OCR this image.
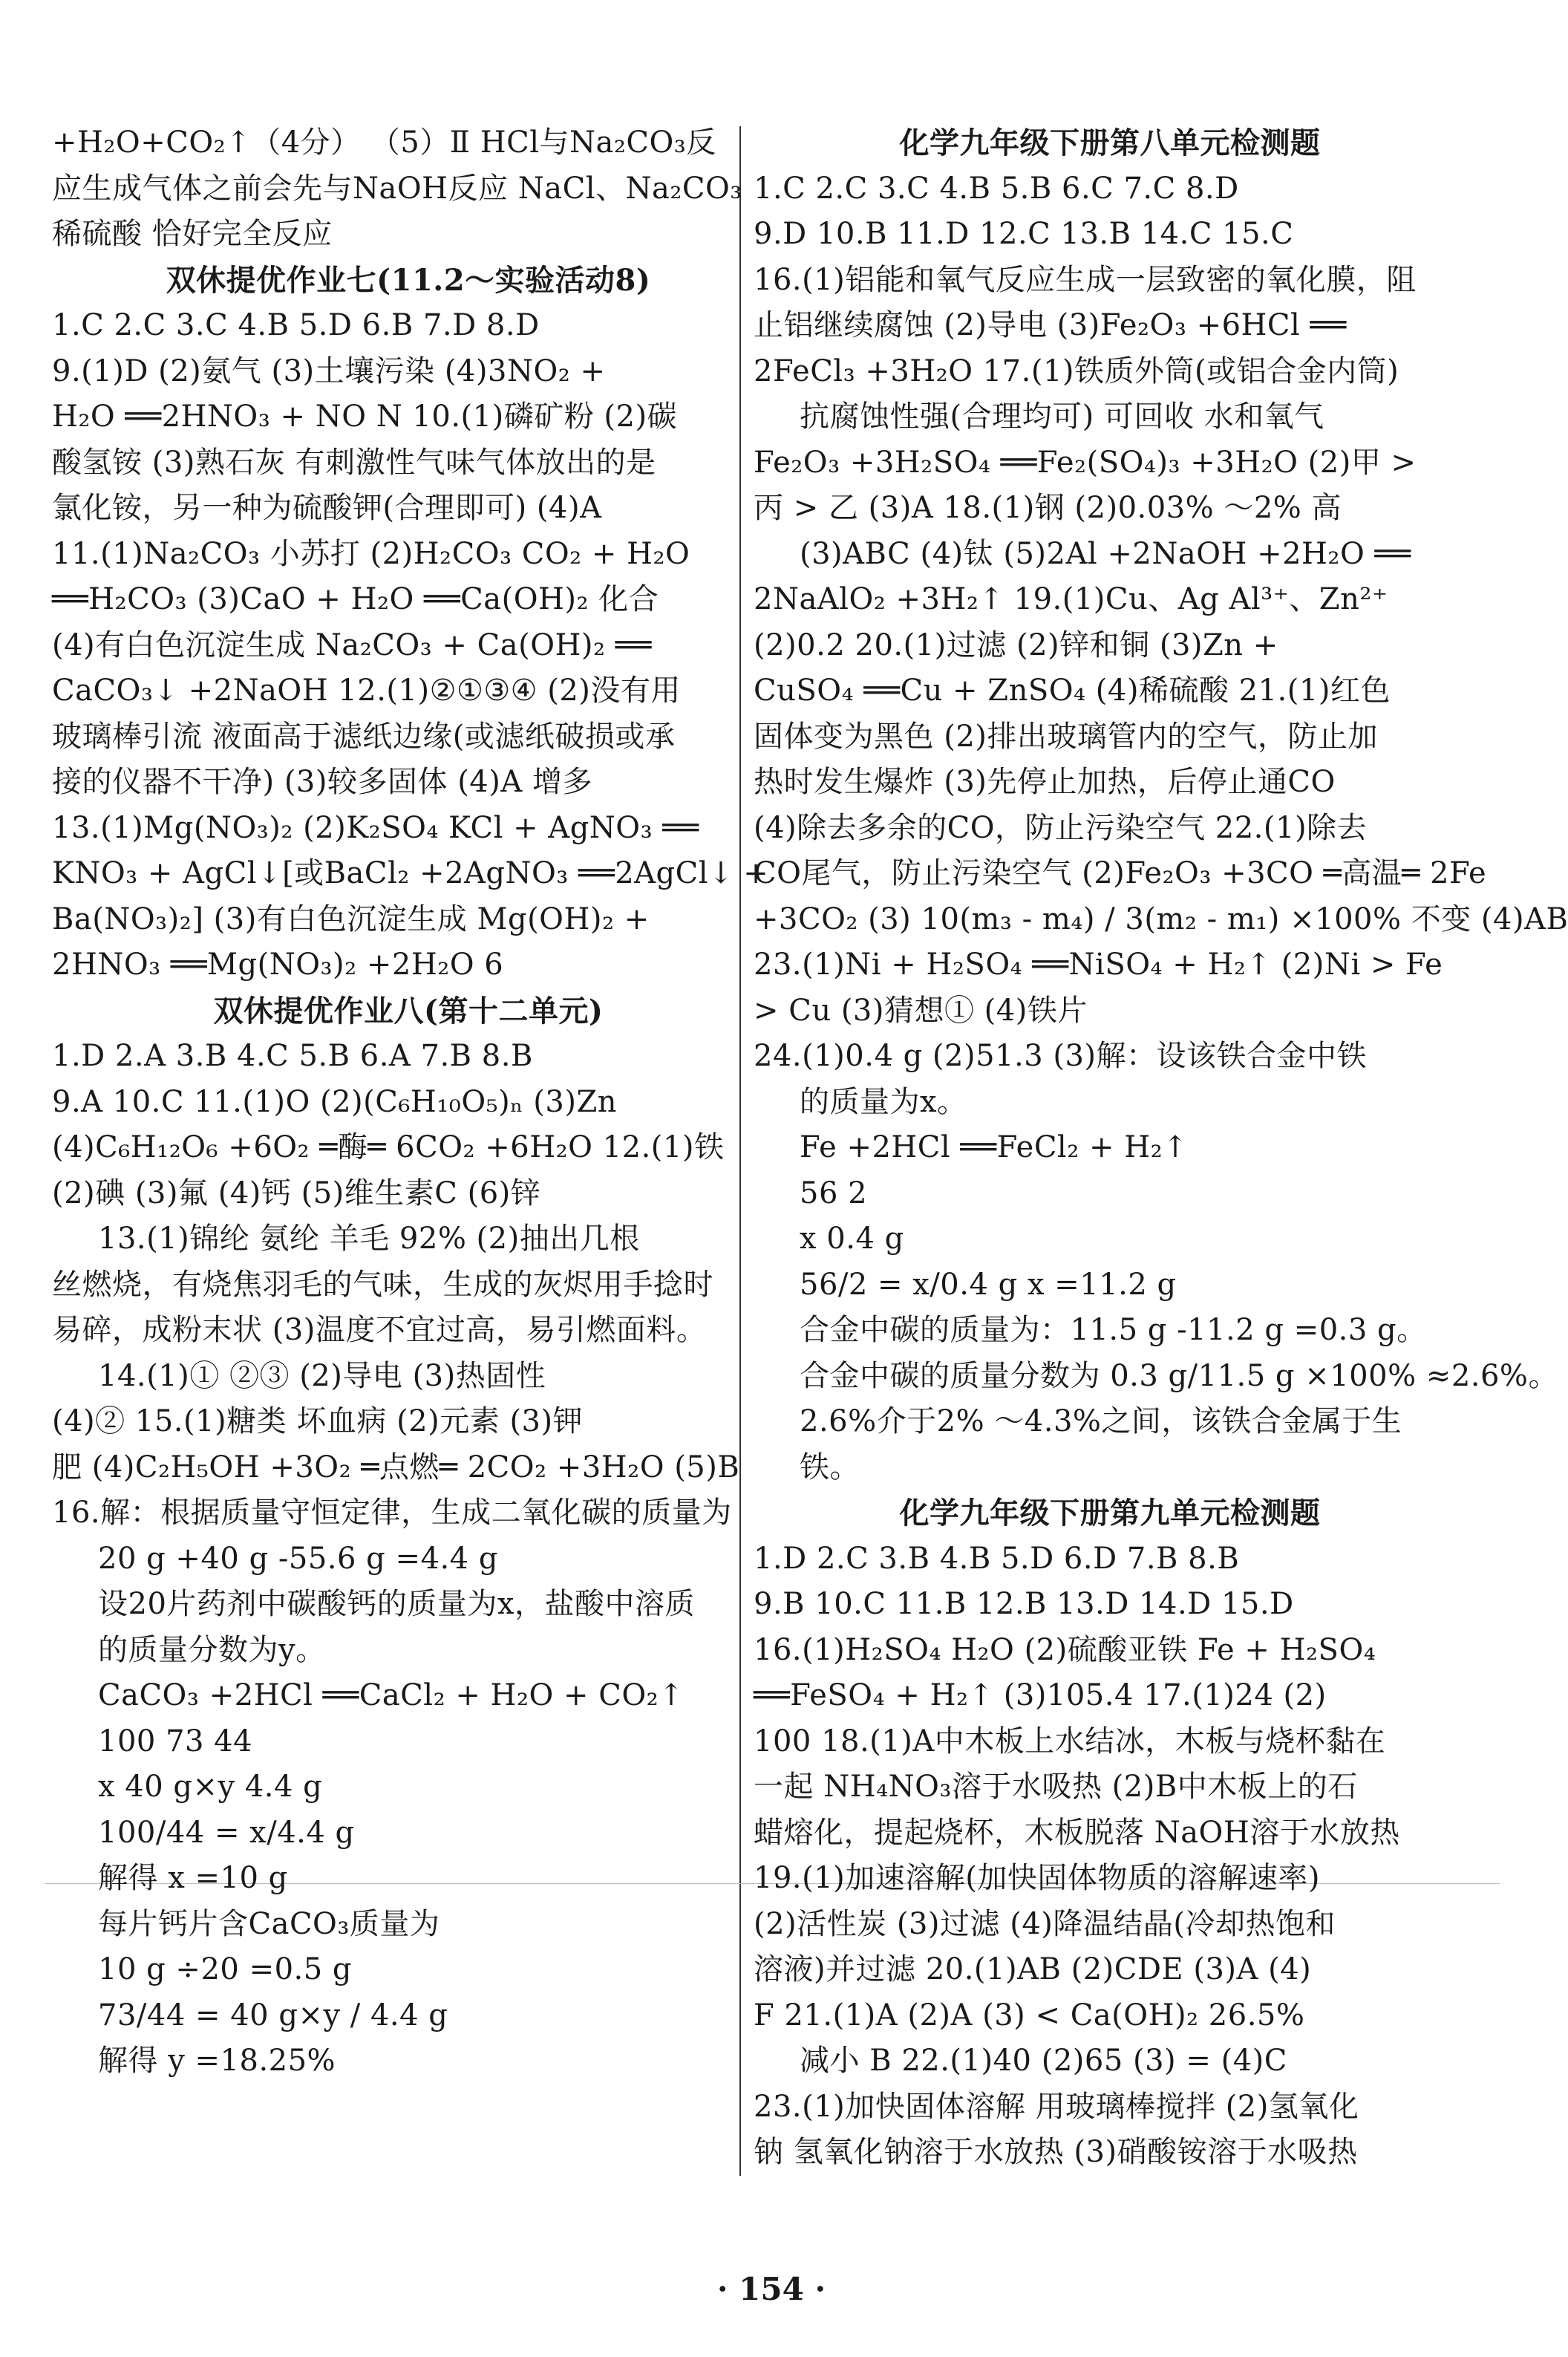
+H₂O+CO₂↑（4分） （5）Ⅱ HCl与Na₂CO₃反
应生成气体之前会先与NaOH反应 NaCl、Na₂CO₃
稀硫酸 恰好完全反应
双休提优作业七(11.2～实验活动8)
1.C 2.C 3.C 4.B 5.D 6.B 7.D 8.D
9.(1)D (2)氨气 (3)土壤污染 (4)3NO₂ +
H₂O ══2HNO₃ + NO N 10.(1)磷矿粉 (2)碳
酸氢铵 (3)熟石灰 有刺激性气味气体放出的是
氯化铵，另一种为硫酸钾(合理即可) (4)A
11.(1)Na₂CO₃ 小苏打 (2)H₂CO₃ CO₂ + H₂O
══H₂CO₃ (3)CaO + H₂O ══Ca(OH)₂ 化合
(4)有白色沉淀生成 Na₂CO₃ + Ca(OH)₂ ══
CaCO₃↓ +2NaOH 12.(1)②①③④ (2)没有用
玻璃棒引流 液面高于滤纸边缘(或滤纸破损或承
接的仪器不干净) (3)较多固体 (4)A 增多
13.(1)Mg(NO₃)₂ (2)K₂SO₄ KCl + AgNO₃ ══
KNO₃ + AgCl↓[或BaCl₂ +2AgNO₃ ══2AgCl↓ +
Ba(NO₃)₂] (3)有白色沉淀生成 Mg(OH)₂ +
2HNO₃ ══Mg(NO₃)₂ +2H₂O 6
双休提优作业八(第十二单元)
1.D 2.A 3.B 4.C 5.B 6.A 7.B 8.B
9.A 10.C 11.(1)O (2)(C₆H₁₀O₅)ₙ (3)Zn
(4)C₆H₁₂O₆ +6O₂ ═酶═ 6CO₂ +6H₂O 12.(1)铁
(2)碘 (3)氟 (4)钙 (5)维生素C (6)锌
13.(1)锦纶 氨纶 羊毛 92% (2)抽出几根
丝燃烧，有烧焦羽毛的气味，生成的灰烬用手捻时
易碎，成粉末状 (3)温度不宜过高，易引燃面料。
14.(1)① ②③ (2)导电 (3)热固性
(4)② 15.(1)糖类 坏血病 (2)元素 (3)钾
肥 (4)C₂H₅OH +3O₂ ═点燃═ 2CO₂ +3H₂O (5)B
16.解：根据质量守恒定律，生成二氧化碳的质量为
20 g +40 g -55.6 g =4.4 g
设20片药剂中碳酸钙的质量为x，盐酸中溶质
的质量分数为y。
CaCO₃ +2HCl ══CaCl₂ + H₂O + CO₂↑
100 73 44
x 40 g×y 4.4 g
100/44 = x/4.4 g
解得 x =10 g
每片钙片含CaCO₃质量为
10 g ÷20 =0.5 g
73/44 = 40 g×y / 4.4 g
解得 y =18.25%
化学九年级下册第八单元检测题
1.C 2.C 3.C 4.B 5.B 6.C 7.C 8.D
9.D 10.B 11.D 12.C 13.B 14.C 15.C
16.(1)铝能和氧气反应生成一层致密的氧化膜，阻
止铝继续腐蚀 (2)导电 (3)Fe₂O₃ +6HCl ══
2FeCl₃ +3H₂O 17.(1)铁质外筒(或铝合金内筒)
抗腐蚀性强(合理均可) 可回收 水和氧气
Fe₂O₃ +3H₂SO₄ ══Fe₂(SO₄)₃ +3H₂O (2)甲 >
丙 > 乙 (3)A 18.(1)钢 (2)0.03% ～2% 高
(3)ABC (4)钛 (5)2Al +2NaOH +2H₂O ══
2NaAlO₂ +3H₂↑ 19.(1)Cu、Ag Al³⁺、Zn²⁺
(2)0.2 20.(1)过滤 (2)锌和铜 (3)Zn +
CuSO₄ ══Cu + ZnSO₄ (4)稀硫酸 21.(1)红色
固体变为黑色 (2)排出玻璃管内的空气，防止加
热时发生爆炸 (3)先停止加热，后停止通CO
(4)除去多余的CO，防止污染空气 22.(1)除去
CO尾气，防止污染空气 (2)Fe₂O₃ +3CO ═高温═ 2Fe
+3CO₂ (3) 10(m₃ - m₄) / 3(m₂ - m₁) ×100% 不变 (4)AB
23.(1)Ni + H₂SO₄ ══NiSO₄ + H₂↑ (2)Ni > Fe
> Cu (3)猜想① (4)铁片
24.(1)0.4 g (2)51.3 (3)解：设该铁合金中铁
的质量为x。
Fe +2HCl ══FeCl₂ + H₂↑
56 2
x 0.4 g
56/2 = x/0.4 g x =11.2 g
合金中碳的质量为：11.5 g -11.2 g =0.3 g。
合金中碳的质量分数为 0.3 g/11.5 g ×100% ≈2.6%。
2.6%介于2% ～4.3%之间，该铁合金属于生
铁。
化学九年级下册第九单元检测题
1.D 2.C 3.B 4.B 5.D 6.D 7.B 8.B
9.B 10.C 11.B 12.B 13.D 14.D 15.D
16.(1)H₂SO₄ H₂O (2)硫酸亚铁 Fe + H₂SO₄
══FeSO₄ + H₂↑ (3)105.4 17.(1)24 (2)
100 18.(1)A中木板上水结冰，木板与烧杯黏在
一起 NH₄NO₃溶于水吸热 (2)B中木板上的石
蜡熔化，提起烧杯，木板脱落 NaOH溶于水放热
19.(1)加速溶解(加快固体物质的溶解速率)
(2)活性炭 (3)过滤 (4)降温结晶(冷却热饱和
溶液)并过滤 20.(1)AB (2)CDE (3)A (4)
F 21.(1)A (2)A (3) < Ca(OH)₂ 26.5%
减小 B 22.(1)40 (2)65 (3) = (4)C
23.(1)加快固体溶解 用玻璃棒搅拌 (2)氢氧化
钠 氢氧化钠溶于水放热 (3)硝酸铵溶于水吸热
· 154 ·
